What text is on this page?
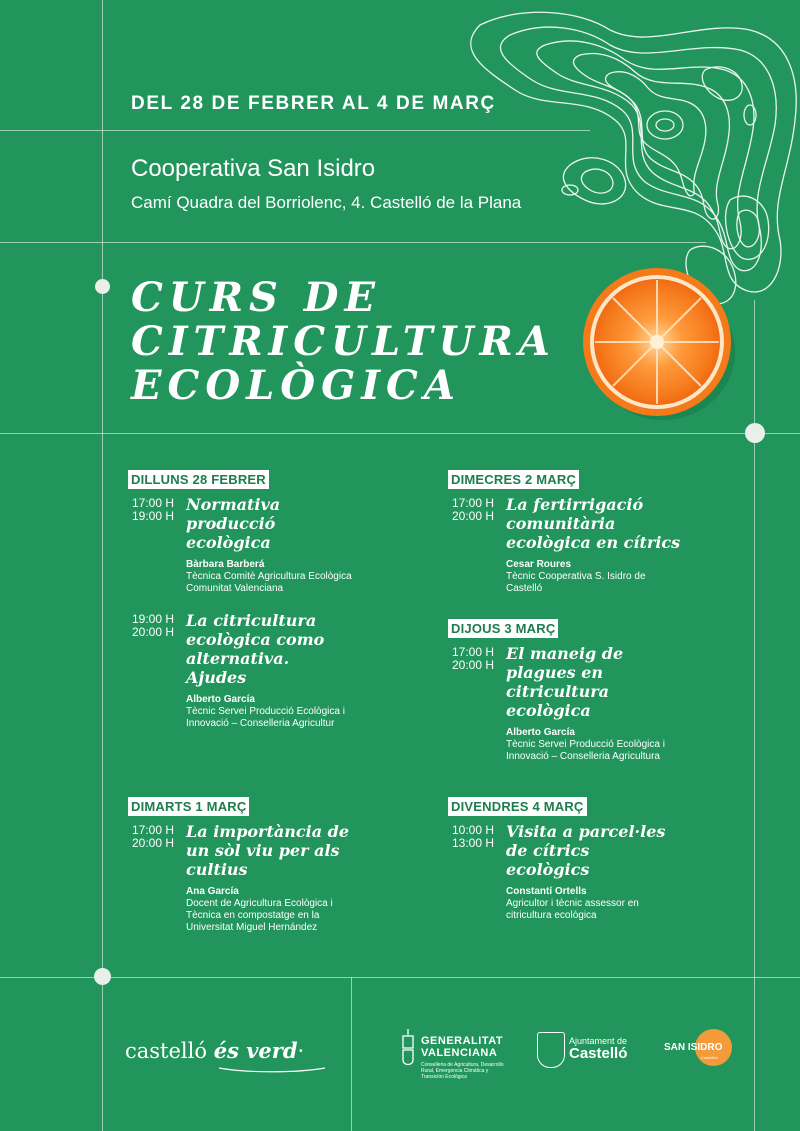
DEL 28 DE FEBRER AL 4 DE MARÇ
Cooperativa San Isidro
Camí Quadra del Borriolenc, 4. Castelló de la Plana
CURS DE
CITRICULTURA
ECOLÒGICA
DILLUNS 28 FEBRER
17:00 H
19:00 H
Normativa producció ecològica
Bàrbara Barberá
Tècnica Comitè Agricultura Ecològica Comunitat Valenciana
19:00 H
20:00 H
La citricultura ecològica como alternativa. Ajudes
Alberto García
Tècnic Servei Producció Ecològica i Innovació – Conselleria Agricultur
DIMARTS 1 MARÇ
17:00 H
20:00 H
La importància de un sòl viu per als cultius
Ana García
Docent de Agricultura Ecològica i Tècnica en compostatge en la Universitat Miguel Hernández
DIMECRES 2 MARÇ
17:00 H
20:00 H
La fertirrigació comunitària ecològica en cítrics
Cesar Roures
Tècnic Cooperativa S. Isidro de Castelló
DIJOUS 3 MARÇ
17:00 H
20:00 H
El maneig de plagues en citricultura ecològica
Alberto García
Tècnic Servei Producció Ecològica i Innovació – Conselleria Agricultura
DIVENDRES 4 MARÇ
10:00 H
13:00 H
Visita a parcel·les de cítrics ecològics
Constantí Ortells
Agricultor i tècnic assessor en citricultura ecològica
castelló és verd·	GENERALITAT
VALENCIANA
Conselleria de Agricultura, Desarrollo Rural, Emergencia Climática y Transición Ecológica
Ajuntament de
Castelló	SAN ISIDRO
Castellón
